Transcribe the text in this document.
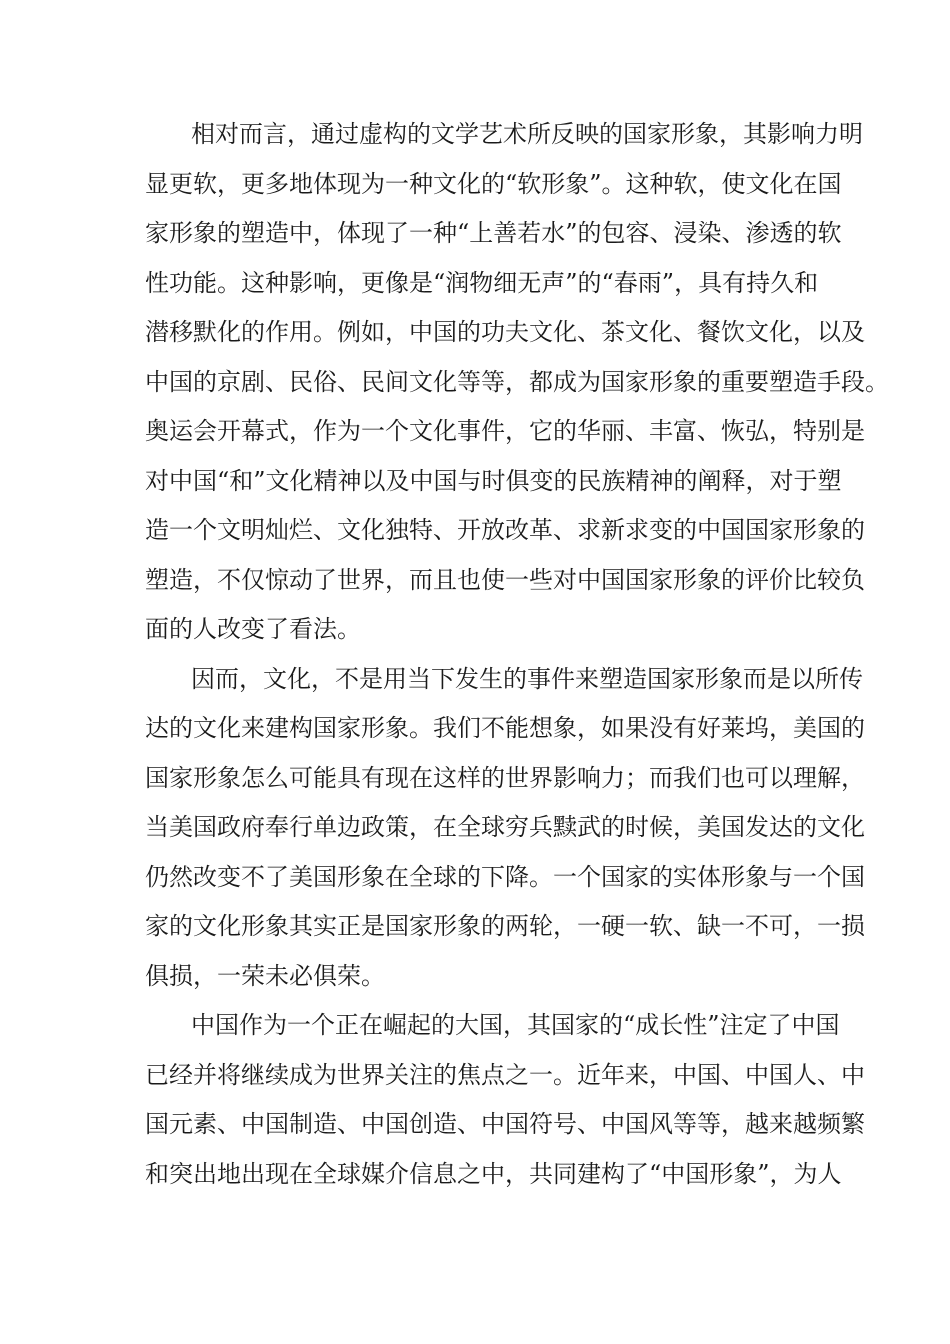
相对而言，通过虚构的文学艺术所反映的国家形象，其影响力明
显更软，更多地体现为一种文化的“软形象”。这种软，使文化在国
家形象的塑造中，体现了一种“上善若水”的包容、浸染、渗透的软
性功能。这种影响，更像是“润物细无声”的“春雨”，具有持久和
潜移默化的作用。例如，中国的功夫文化、茶文化、餐饮文化，以及
中国的京剧、民俗、民间文化等等，都成为国家形象的重要塑造手段。
奥运会开幕式，作为一个文化事件，它的华丽、丰富、恢弘，特别是
对中国“和”文化精神以及中国与时俱变的民族精神的阐释，对于塑
造一个文明灿烂、文化独特、开放改革、求新求变的中国国家形象的
塑造，不仅惊动了世界，而且也使一些对中国国家形象的评价比较负
面的人改变了看法。
因而，文化，不是用当下发生的事件来塑造国家形象而是以所传
达的文化来建构国家形象。我们不能想象，如果没有好莱坞，美国的
国家形象怎么可能具有现在这样的世界影响力；而我们也可以理解，
当美国政府奉行单边政策，在全球穷兵黩武的时候，美国发达的文化
仍然改变不了美国形象在全球的下降。一个国家的实体形象与一个国
家的文化形象其实正是国家形象的两轮，一硬一软、缺一不可，一损
俱损，一荣未必俱荣。
中国作为一个正在崛起的大国，其国家的“成长性”注定了中国
已经并将继续成为世界关注的焦点之一。近年来，中国、中国人、中
国元素、中国制造、中国创造、中国符号、中国风等等，越来越频繁
和突出地出现在全球媒介信息之中，共同建构了“中国形象”，为人
